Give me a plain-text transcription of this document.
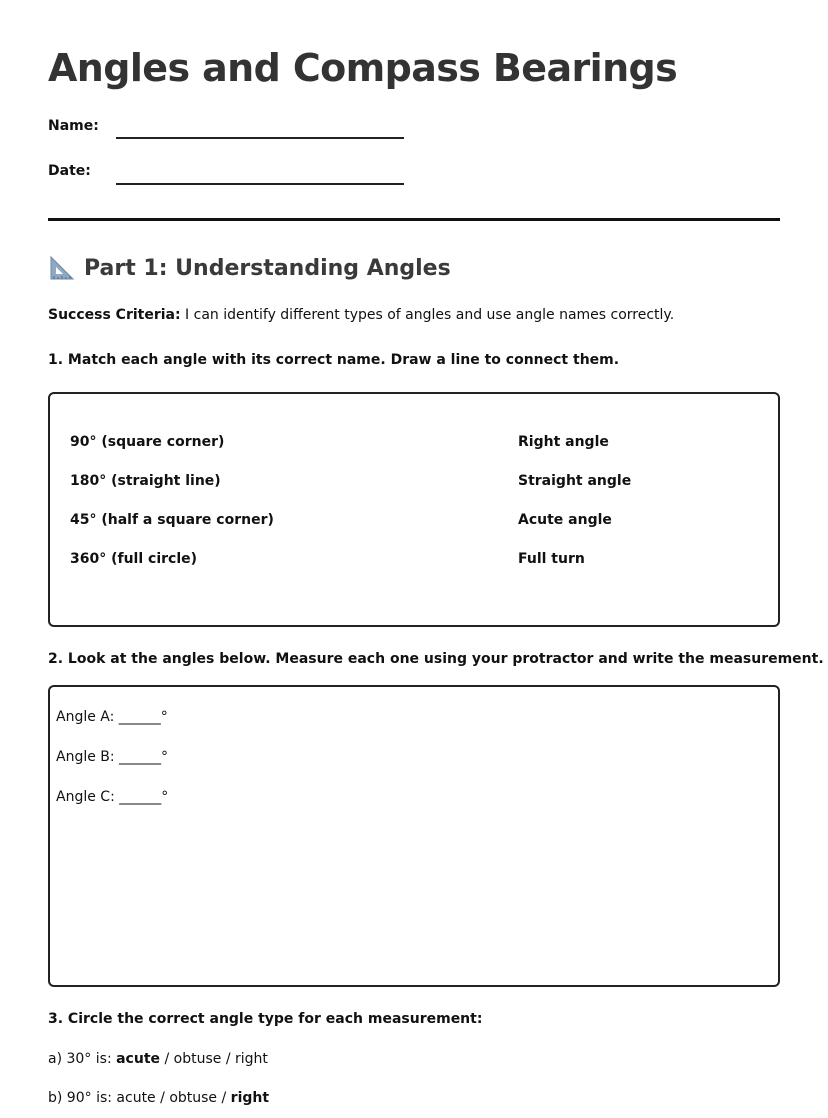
Angles and Compass Bearings
Name:
Date:
Part 1: Understanding Angles
Success Criteria: I can identify different types of angles and use angle names correctly.
1. Match each angle with its correct name. Draw a line to connect them.
90° (square corner)
180° (straight line)
45° (half a square corner)
360° (full circle)
Right angle
Straight angle
Acute angle
Full turn
2. Look at the angles below. Measure each one using your protractor and write the measurement.
Angle A: ______°
Angle B: ______°
Angle C: ______°
3. Circle the correct angle type for each measurement:
a) 30° is: acute / obtuse / right
b) 90° is: acute / obtuse / right
